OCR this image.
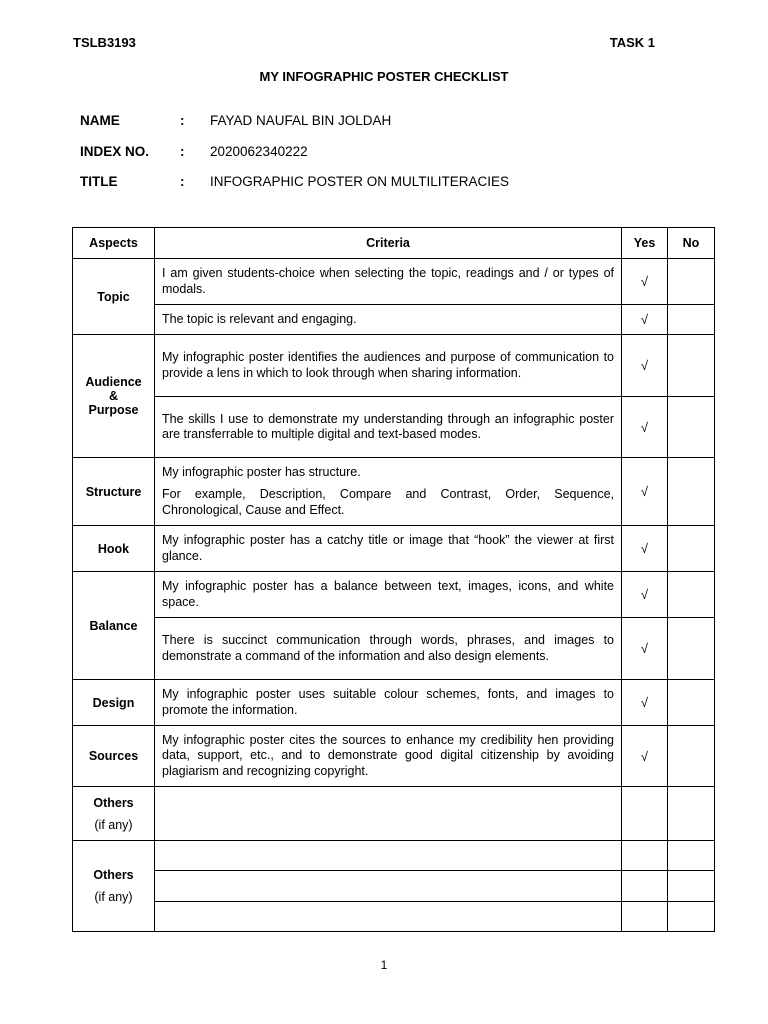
TSLB3193	TASK 1
MY INFOGRAPHIC POSTER CHECKLIST
NAME	: FAYAD NAUFAL BIN JOLDAH
INDEX NO. : 2020062340222
TITLE	: INFOGRAPHIC POSTER ON MULTILITERACIES
Aspects	Criteria	Yes	No
Topic	I am given students-choice when selecting the topic, readings and / or types of modals.	√	
	The topic is relevant and engaging.	√	
Audience
&
Purpose	My infographic poster identifies the audiences and purpose of communication to provide a lens in which to look through when sharing information.	√	
	The skills I use to demonstrate my understanding through an infographic poster are transferrable to multiple digital and text-based modes.	√	
Structure	My infographic poster has structure.

For example, Description, Compare and Contrast, Order, Sequence, Chronological, Cause and Effect.	√	
Hook	My infographic poster has a catchy title or image that “hook” the viewer at first glance.	√	
Balance	My infographic poster has a balance between text, images, icons, and white space.	√	
	There is succinct communication through words, phrases, and images to demonstrate a command of the information and also design elements.	√	
Design	My infographic poster uses suitable colour schemes, fonts, and images to promote the information.	√	
Sources	My infographic poster cites the sources to enhance my credibility hen providing data, support, etc., and to demonstrate good digital citizenship by avoiding plagiarism and recognizing copyright.	√	

Others
(if any)			

Others
(if any)			

1
